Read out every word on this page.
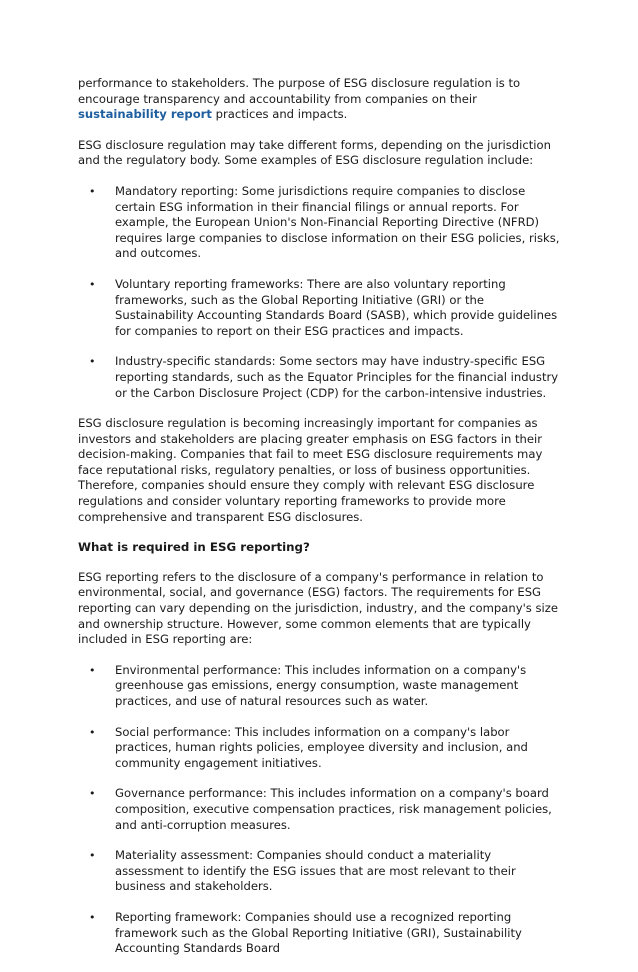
performance to stakeholders. The purpose of ESG disclosure regulation is to encourage transparency and accountability from companies on their sustainability report practices and impacts.

ESG disclosure regulation may take different forms, depending on the jurisdiction and the regulatory body. Some examples of ESG disclosure regulation include:

• Mandatory reporting: Some jurisdictions require companies to disclose certain ESG information in their financial filings or annual reports. For example, the European Union's Non-Financial Reporting Directive (NFRD) requires large companies to disclose information on their ESG policies, risks, and outcomes.
• Voluntary reporting frameworks: There are also voluntary reporting frameworks, such as the Global Reporting Initiative (GRI) or the Sustainability Accounting Standards Board (SASB), which provide guidelines for companies to report on their ESG practices and impacts.
• Industry-specific standards: Some sectors may have industry-specific ESG reporting standards, such as the Equator Principles for the financial industry or the Carbon Disclosure Project (CDP) for the carbon-intensive industries.

ESG disclosure regulation is becoming increasingly important for companies as investors and stakeholders are placing greater emphasis on ESG factors in their decision-making. Companies that fail to meet ESG disclosure requirements may face reputational risks, regulatory penalties, or loss of business opportunities. Therefore, companies should ensure they comply with relevant ESG disclosure regulations and consider voluntary reporting frameworks to provide more comprehensive and transparent ESG disclosures.

What is required in ESG reporting?

ESG reporting refers to the disclosure of a company's performance in relation to environmental, social, and governance (ESG) factors. The requirements for ESG reporting can vary depending on the jurisdiction, industry, and the company's size and ownership structure. However, some common elements that are typically included in ESG reporting are:

• Environmental performance: This includes information on a company's greenhouse gas emissions, energy consumption, waste management practices, and use of natural resources such as water.
• Social performance: This includes information on a company's labor practices, human rights policies, employee diversity and inclusion, and community engagement initiatives.
• Governance performance: This includes information on a company's board composition, executive compensation practices, risk management policies, and anti-corruption measures.
• Materiality assessment: Companies should conduct a materiality assessment to identify the ESG issues that are most relevant to their business and stakeholders.
• Reporting framework: Companies should use a recognized reporting framework such as the Global Reporting Initiative (GRI), Sustainability Accounting Standards Board
